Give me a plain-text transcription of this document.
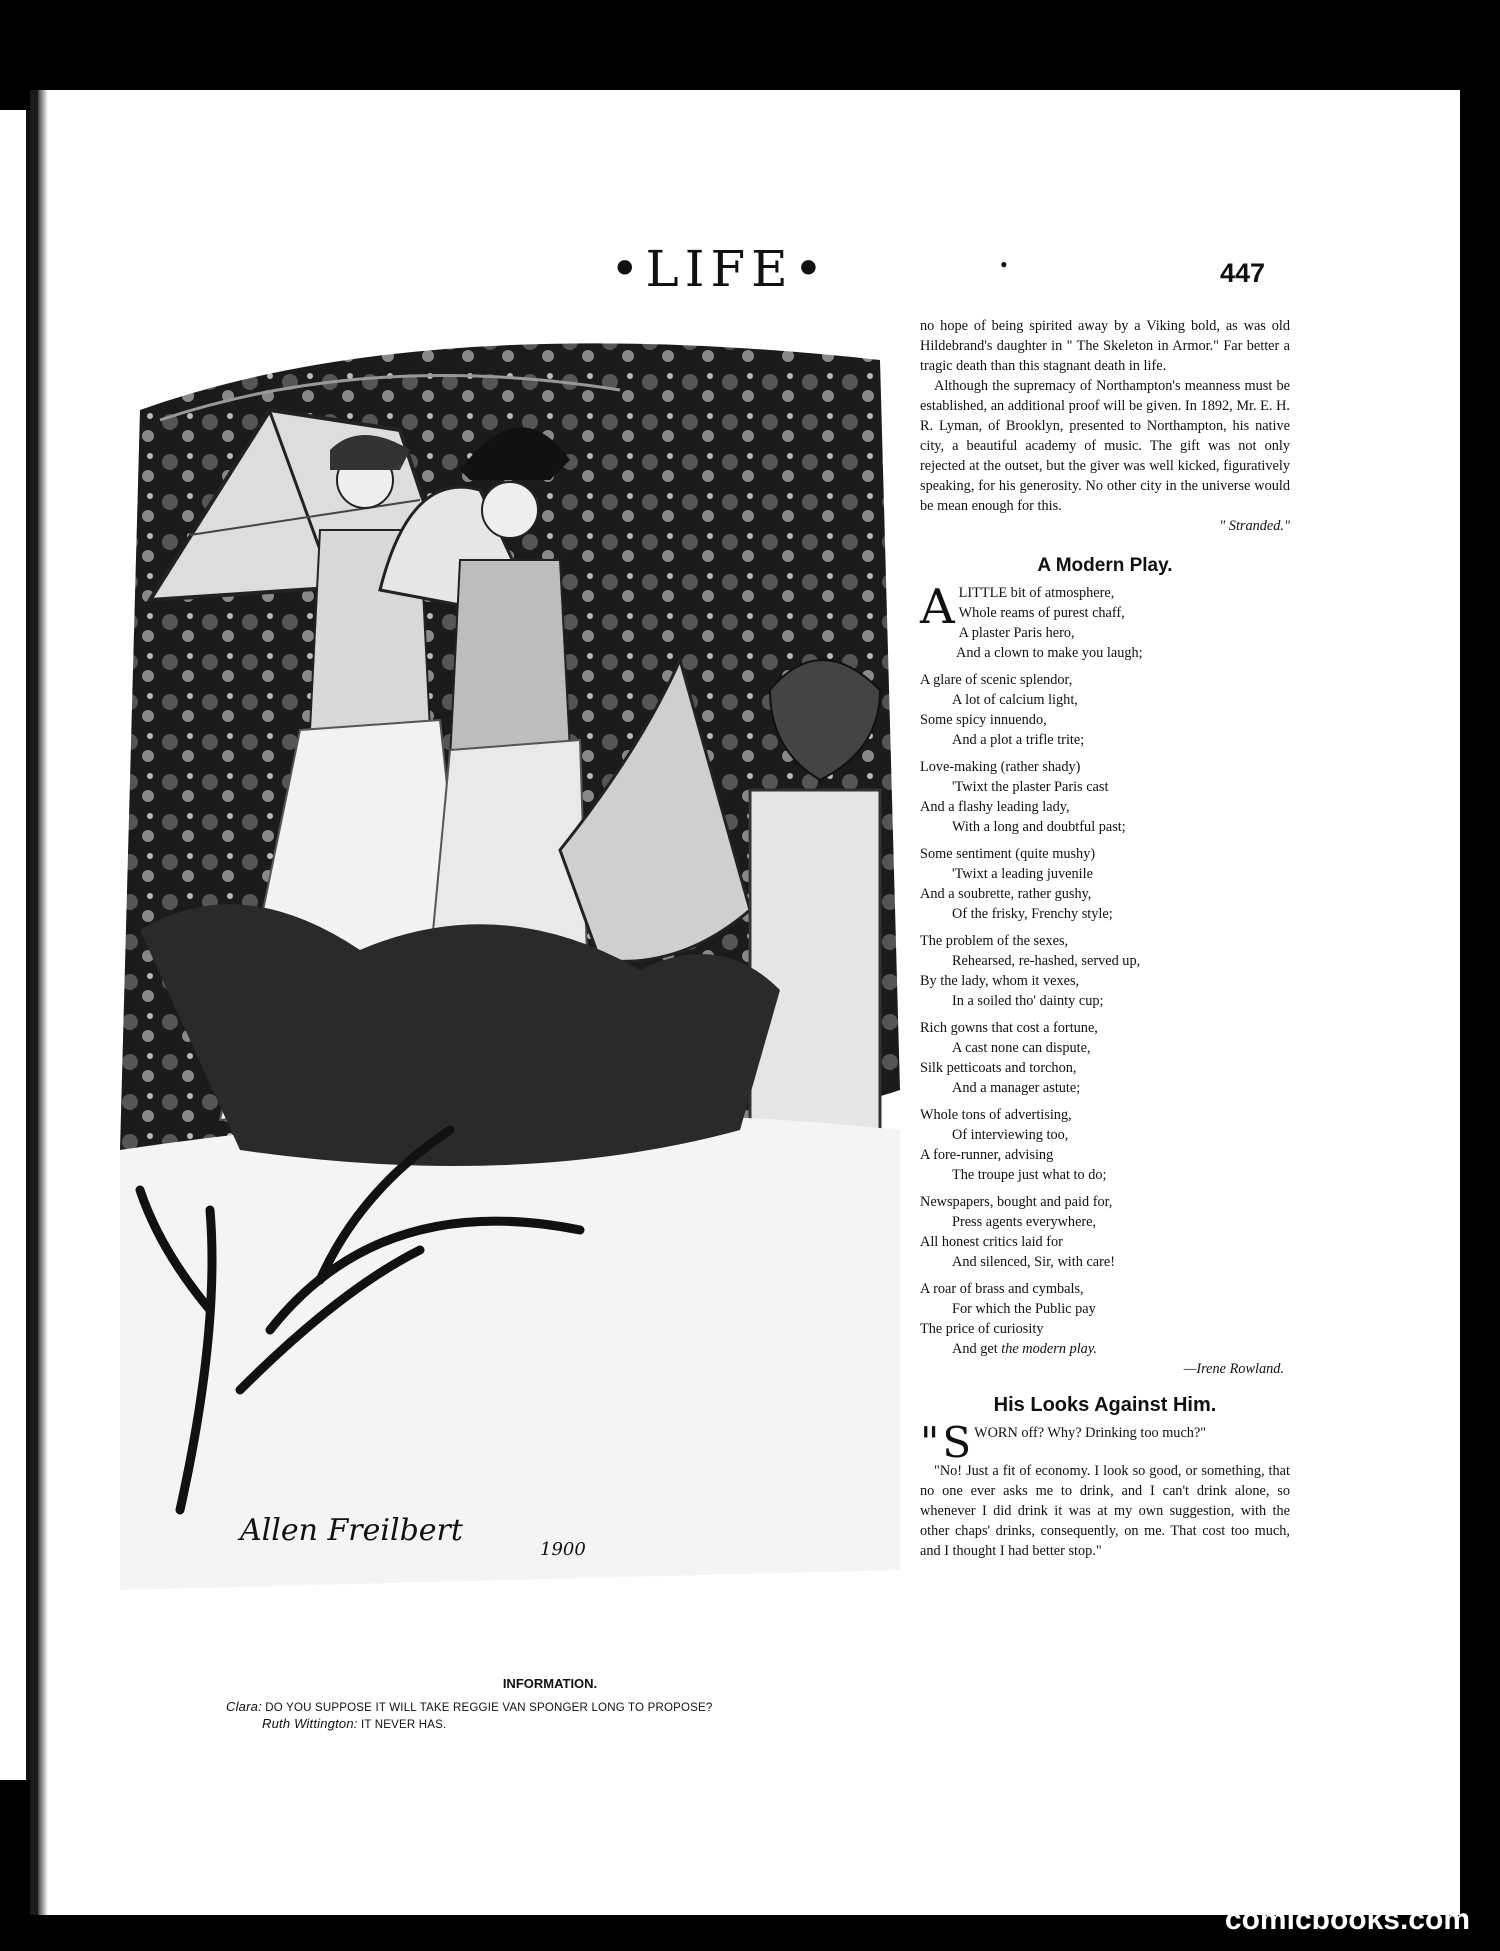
•LIFE•	•	447
Allen Freilbert
1900
INFORMATION.
Clara: DO YOU SUPPOSE IT WILL TAKE REGGIE VAN SPONGER LONG TO PROPOSE?
Ruth Wittington: IT NEVER HAS.

no hope of being spirited away by a Viking bold, as was old Hildebrand's daughter in " The Skeleton in Armor." Far better a tragic death than this stagnant death in life.

Although the supremacy of Northampton's meanness must be established, an additional proof will be given. In 1892, Mr. E. H. R. Lyman, of Brooklyn, presented to Northampton, his native city, a beautiful academy of music. The gift was not only rejected at the outset, but the giver was well kicked, figuratively speaking, for his generosity. No other city in the universe would be mean enough for this.
" Stranded."

A Modern Play.
A LITTLE bit of atmosphere,
Whole reams of purest chaff,
A plaster Paris hero,
And a clown to make you laugh;
A glare of scenic splendor,
A lot of calcium light,
Some spicy innuendo,
And a plot a trifle trite;
Love-making (rather shady)
'Twixt the plaster Paris cast
And a flashy leading lady,
With a long and doubtful past;
Some sentiment (quite mushy)
'Twixt a leading juvenile
And a soubrette, rather gushy,
Of the frisky, Frenchy style;
The problem of the sexes,
Rehearsed, re-hashed, served up,
By the lady, whom it vexes,
In a soiled tho' dainty cup;
Rich gowns that cost a fortune,
A cast none can dispute,
Silk petticoats and torchon,
And a manager astute;
Whole tons of advertising,
Of interviewing too,
A fore-runner, advising
The troupe just what to do;
Newspapers, bought and paid for,
Press agents everywhere,
All honest critics laid for
And silenced, Sir, with care!
A roar of brass and cymbals,
For which the Public pay
The price of curiosity
And get the modern play.
—Irene Rowland.
His Looks Against Him.
" S WORN off? Why? Drinking too much?"

"No! Just a fit of economy. I look so good, or something, that no one ever asks me to drink, and I can't drink alone, so whenever I did drink it was at my own suggestion, with the other chaps' drinks, consequently, on me. That cost too much, and I thought I had better stop."

comicbooks.com
